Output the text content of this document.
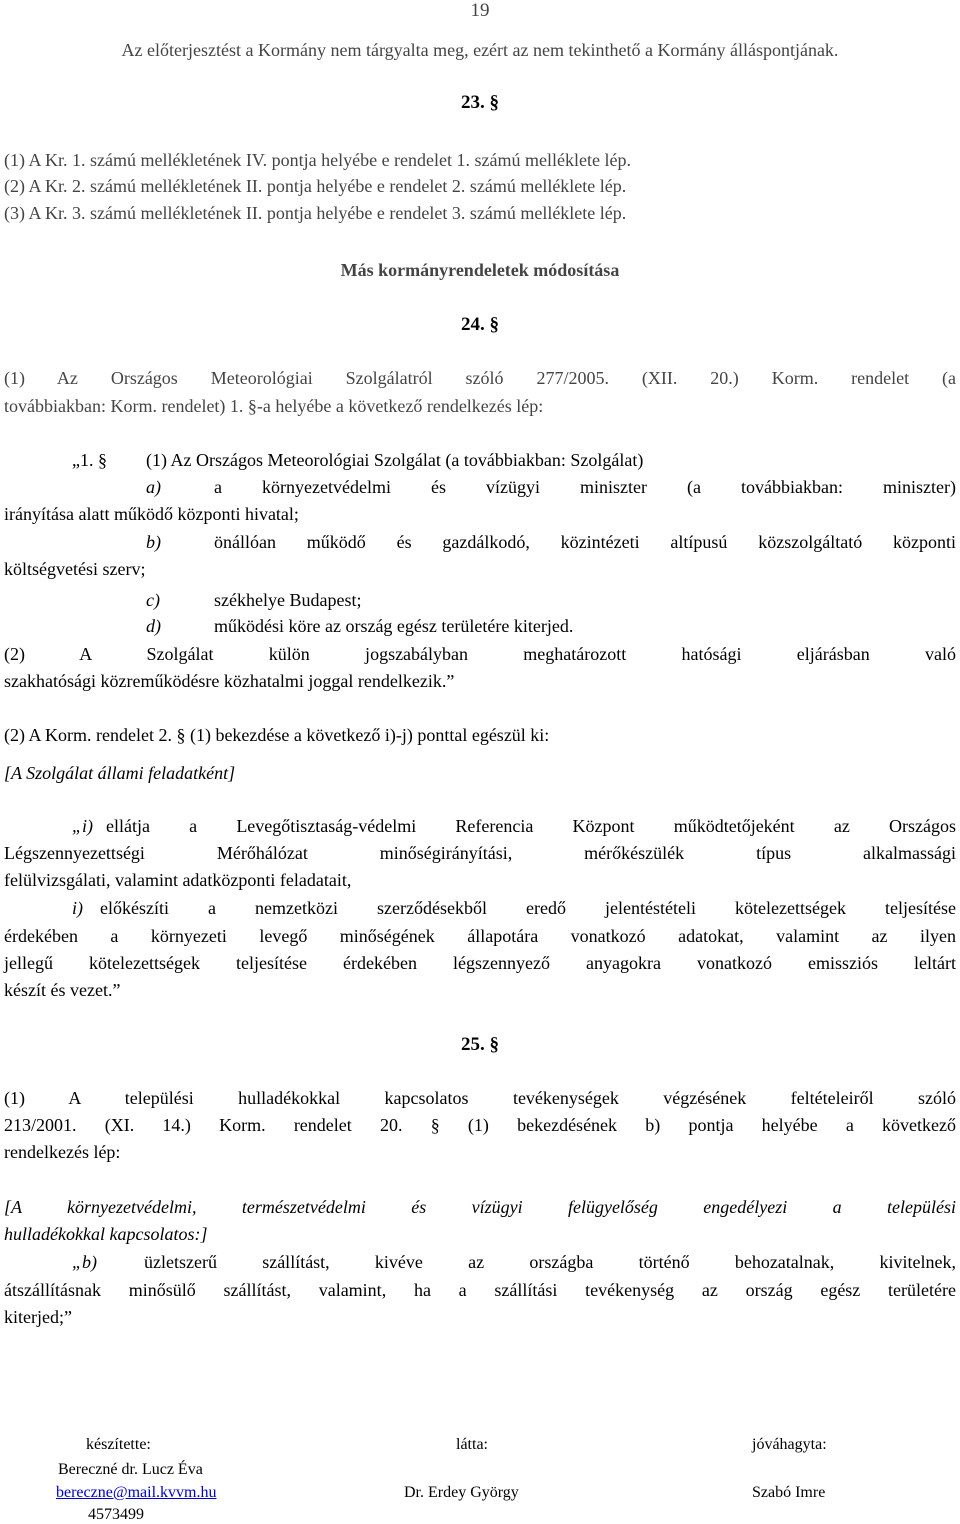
19
Az előterjesztést a Kormány nem tárgyalta meg, ezért az nem tekinthető a Kormány álláspontjának.
23. §
(1) A Kr. 1. számú mellékletének IV. pontja helyébe e rendelet 1. számú melléklete lép.
(2) A Kr. 2. számú mellékletének II. pontja helyébe e rendelet 2. számú melléklete lép.
(3) A Kr. 3. számú mellékletének II. pontja helyébe e rendelet 3. számú melléklete lép.
Más kormányrendeletek módosítása
24. §
(1) Az Országos Meteorológiai Szolgálatról szóló 277/2005. (XII. 20.) Korm. rendelet (a
továbbiakban: Korm. rendelet) 1. §-a helyébe a következő rendelkezés lép:
„1. § (1) Az Országos Meteorológiai Szolgálat (a továbbiakban: Szolgálat)
a)	a környezetvédelmi és vízügyi miniszter (a továbbiakban: miniszter)
irányítása alatt működő központi hivatal;
b)	önállóan működő és gazdálkodó, közintézeti altípusú közszolgáltató központi
költségvetési szerv;
c)	székhelye Budapest;
d)	működési köre az ország egész területére kiterjed.
(2) A Szolgálat külön jogszabályban meghatározott hatósági eljárásban való
szakhatósági közreműködésre közhatalmi joggal rendelkezik.”
(2) A Korm. rendelet 2. § (1) bekezdése a következő i)-j) ponttal egészül ki:
[A Szolgálat állami feladatként]
„i) ellátja a Levegőtisztaság-védelmi Referencia Központ működtetőjeként az Országos
Légszennyezettségi Mérőhálózat minőségirányítási, mérőkészülék típus alkalmassági
felülvizsgálati, valamint adatközponti feladatait,
i) előkészíti a nemzetközi szerződésekből eredő jelentéstételi kötelezettségek teljesítése
érdekében a környezeti levegő minőségének állapotára vonatkozó adatokat, valamint az ilyen
jellegű kötelezettségek teljesítése érdekében légszennyező anyagokra vonatkozó emissziós leltárt
készít és vezet.”
25. §
(1) A települési hulladékokkal kapcsolatos tevékenységek végzésének feltételeiről szóló
213/2001. (XI. 14.) Korm. rendelet 20. § (1) bekezdésének b) pontja helyébe a következő
rendelkezés lép:
[A környezetvédelmi, természetvédelmi és vízügyi felügyelőség engedélyezi a települési
hulladékokkal kapcsolatos:]
„b)	üzletszerű szállítást, kivéve az országba történő behozatalnak, kivitelnek,
átszállításnak minősülő szállítást, valamint, ha a szállítási tevékenység az ország egész területére
kiterjed;”
készítette:
Bereczné dr. Lucz Éva
bereczne@mail.kvvm.hu
4573499
látta:
Dr. Erdey György
jóváhagyta:
Szabó Imre
